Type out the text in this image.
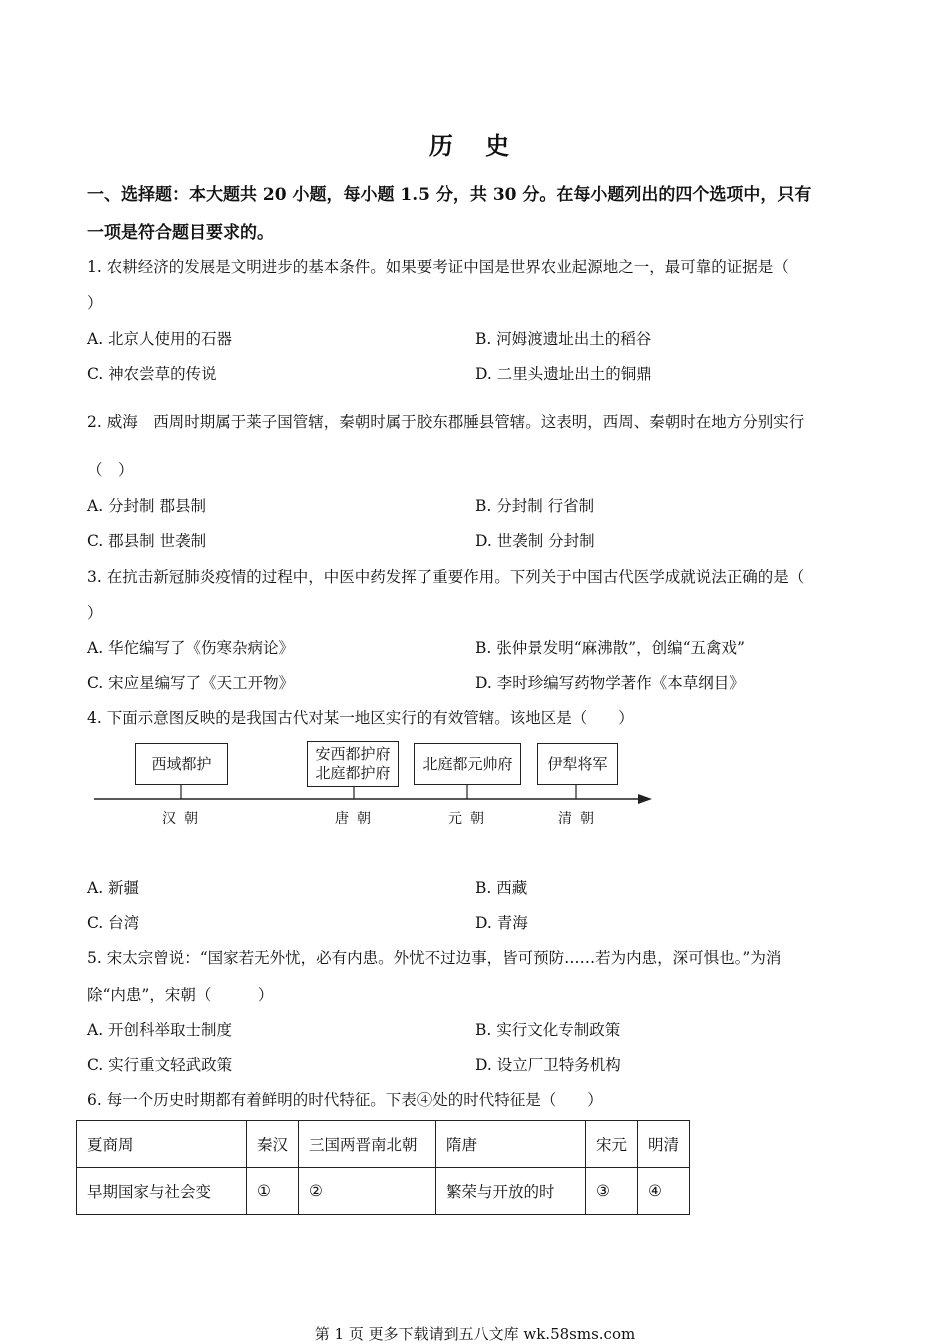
历 史
一、选择题：本大题共 20 小题，每小题 1.5 分，共 30 分。在每小题列出的四个选项中，只有
一项是符合题目要求的。
1. 农耕经济的发展是文明进步的基本条件。如果要考证中国是世界农业起源地之一，最可靠的证据是（
）
A. 北京人使用的石器	B. 河姆渡遗址出土的稻谷
C. 神农尝草的传说	D. 二里头遗址出土的铜鼎
2. 威海　西周时期属于莱子国管辖，秦朝时属于胶东郡腄县管辖。这表明，西周、秦朝时在地方分别实行
（　）
A. 分封制 郡县制	B. 分封制 行省制
C. 郡县制 世袭制	D. 世袭制 分封制
3. 在抗击新冠肺炎疫情的过程中，中医中药发挥了重要作用。下列关于中国古代医学成就说法正确的是（
）
A. 华佗编写了《伤寒杂病论》	B. 张仲景发明“麻沸散”，创编“五禽戏”
C. 宋应星编写了《天工开物》	D. 李时珍编写药物学著作《本草纲目》
4. 下面示意图反映的是我国古代对某一地区实行的有效管辖。该地区是（　　）
西域都护
安西都护府
北庭都护府
北庭都元帅府 伊犁将军
汉朝	唐朝	元朝	清朝
A. 新疆	B. 西藏
C. 台湾	D. 青海
5. 宋太宗曾说：“国家若无外忧，必有内患。外忧不过边事，皆可预防……若为内患，深可惧也。”为消
除“内患”，宋朝（　　　）
A. 开创科举取士制度	B. 实行文化专制政策
C. 实行重文轻武政策	D. 设立厂卫特务机构
6. 每一个历史时期都有着鲜明的时代特征。下表④处的时代特征是（　　）
夏商周	秦汉	三国两晋南北朝	隋唐	宋元	明清
早期国家与社会变	①	②	繁荣与开放的时	③	④
第 1 页 更多下载请到五八文库 wk.58sms.com
